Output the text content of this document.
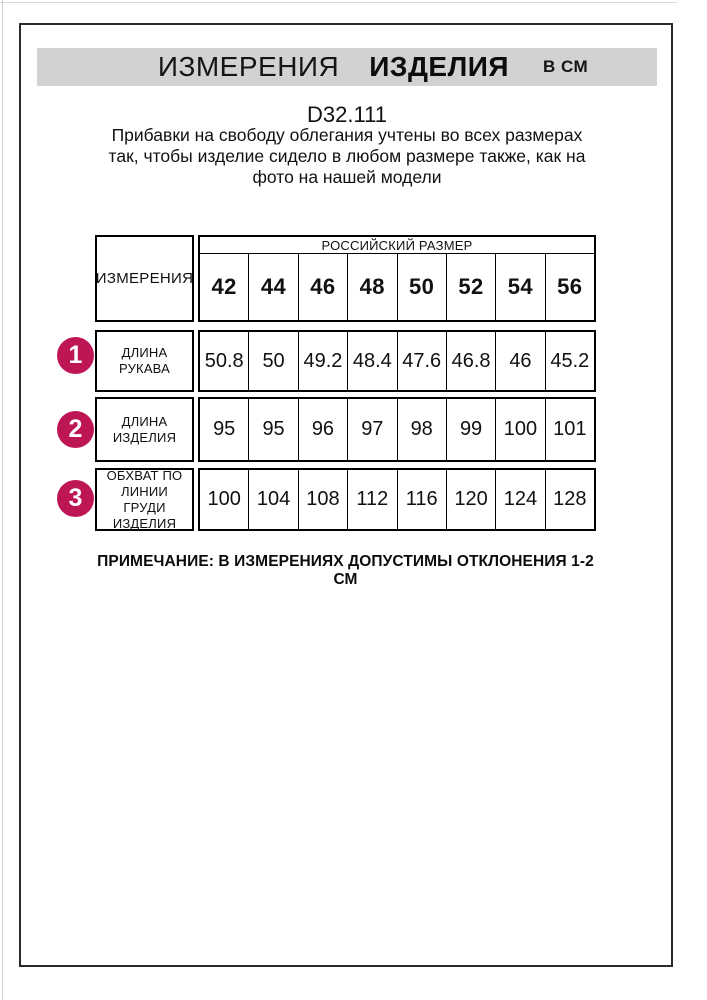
ИЗМЕРЕНИЯ ИЗДЕЛИЯ В СМ
D32.111
Прибавки на свободу облегания учтены во всех размерах так, чтобы изделие сидело в любом размере также, как на фото на нашей модели
ИЗМЕРЕНИЯ
РОССИЙСКИЙ РАЗМЕР
42 44 46 48 50 52 54 56
ДЛИНА РУКАВА	50.8 50 49.2 48.4 47.6 46.8 46 45.2
ДЛИНА ИЗДЕЛИЯ	95 95 96 97 98 99 100 101
ОБХВАТ ПО ЛИНИИ ГРУДИ ИЗДЕЛИЯ
100 104 108 112 116 120 124 128
1
2
3
ПРИМЕЧАНИЕ: В ИЗМЕРЕНИЯХ ДОПУСТИМЫ ОТКЛОНЕНИЯ 1-2 СМ
